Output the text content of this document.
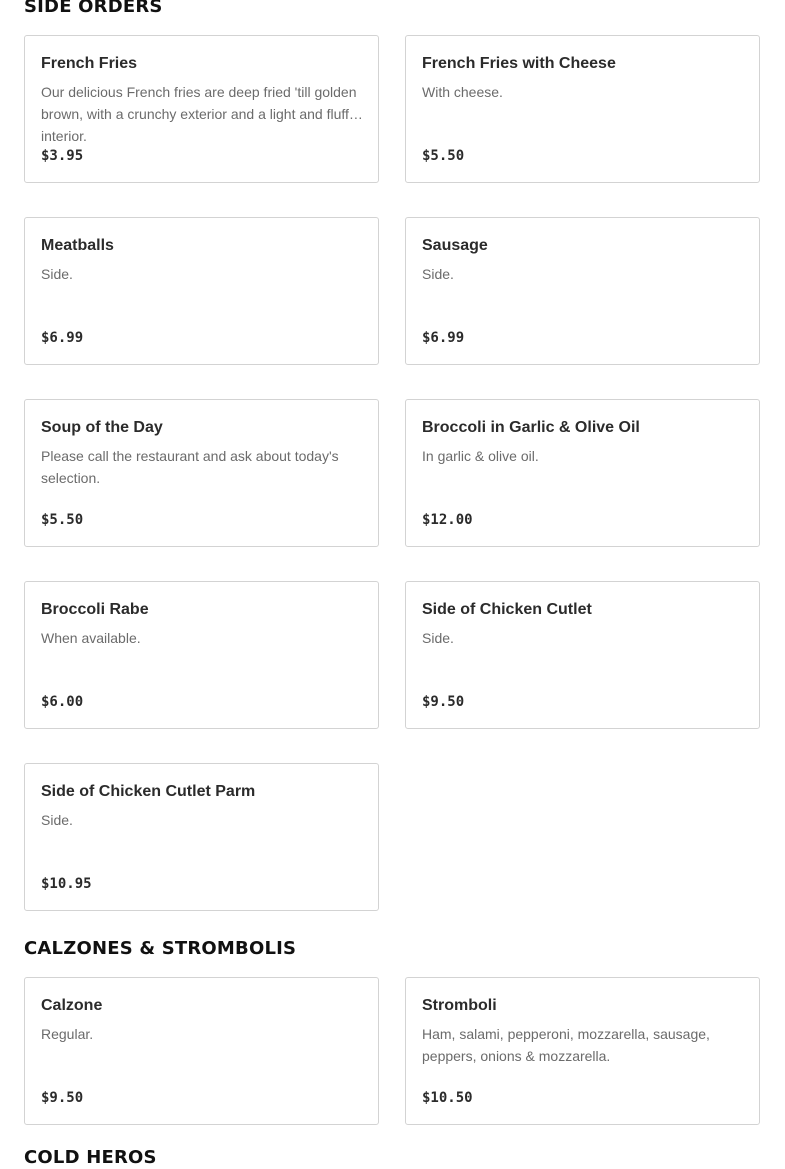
SIDE ORDERS
French Fries
Our delicious French fries are deep fried 'till golden brown, with a crunchy exterior and a light and fluffy interior.
$3.95
French Fries with Cheese
With cheese.
$5.50
Meatballs
Side.
$6.99
Sausage
Side.
$6.99
Soup of the Day
Please call the restaurant and ask about today's selection.
$5.50
Broccoli in Garlic & Olive Oil
In garlic & olive oil.
$12.00
Broccoli Rabe
When available.
$6.00
Side of Chicken Cutlet
Side.
$9.50
Side of Chicken Cutlet Parm
Side.
$10.95
CALZONES & STROMBOLIS
Calzone
Regular.
$9.50
Stromboli
Ham, salami, pepperoni, mozzarella, sausage, peppers, onions & mozzarella.
$10.50
COLD HEROS
